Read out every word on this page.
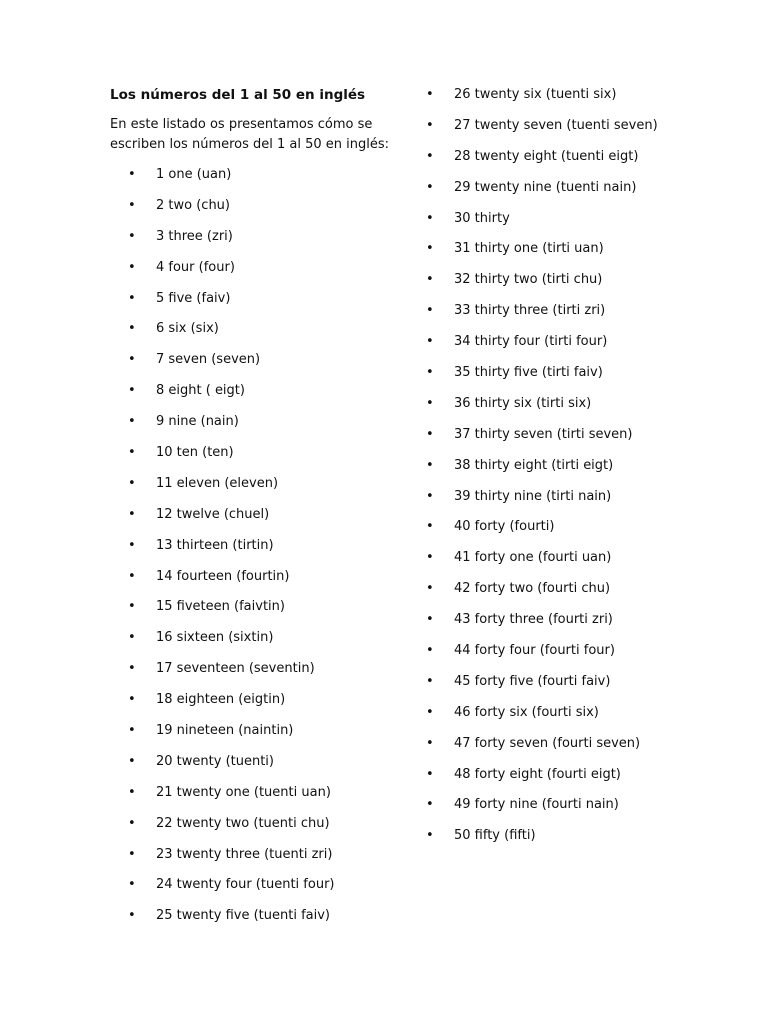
Los números del 1 al 50 en inglés
En este listado os presentamos cómo se escriben los números del 1 al 50 en inglés:
• 1 one (uan)
• 2 two (chu)
• 3 three (zri)
• 4 four (four)
• 5 five (faiv)
• 6 six (six)
• 7 seven (seven)
• 8 eight ( eigt)
• 9 nine (nain)
• 10 ten (ten)
• 11 eleven (eleven)
• 12 twelve (chuel)
• 13 thirteen (tirtin)
• 14 fourteen (fourtin)
• 15 fiveteen (faivtin)
• 16 sixteen (sixtin)
• 17 seventeen (seventin)
• 18 eighteen (eigtin)
• 19 nineteen (naintin)
• 20 twenty (tuenti)
• 21 twenty one (tuenti uan)
• 22 twenty two (tuenti chu)
• 23 twenty three (tuenti zri)
• 24 twenty four (tuenti four)
• 25 twenty five (tuenti faiv)
• 26 twenty six (tuenti six)
• 27 twenty seven (tuenti seven)
• 28 twenty eight (tuenti eigt)
• 29 twenty nine (tuenti nain)
• 30 thirty
• 31 thirty one (tirti uan)
• 32 thirty two (tirti chu)
• 33 thirty three (tirti zri)
• 34 thirty four (tirti four)
• 35 thirty five (tirti faiv)
• 36 thirty six (tirti six)
• 37 thirty seven (tirti seven)
• 38 thirty eight (tirti eigt)
• 39 thirty nine (tirti nain)
• 40 forty (fourti)
• 41 forty one (fourti uan)
• 42 forty two (fourti chu)
• 43 forty three (fourti zri)
• 44 forty four (fourti four)
• 45 forty five (fourti faiv)
• 46 forty six (fourti six)
• 47 forty seven (fourti seven)
• 48 forty eight (fourti eigt)
• 49 forty nine (fourti nain)
• 50 fifty (fifti)
